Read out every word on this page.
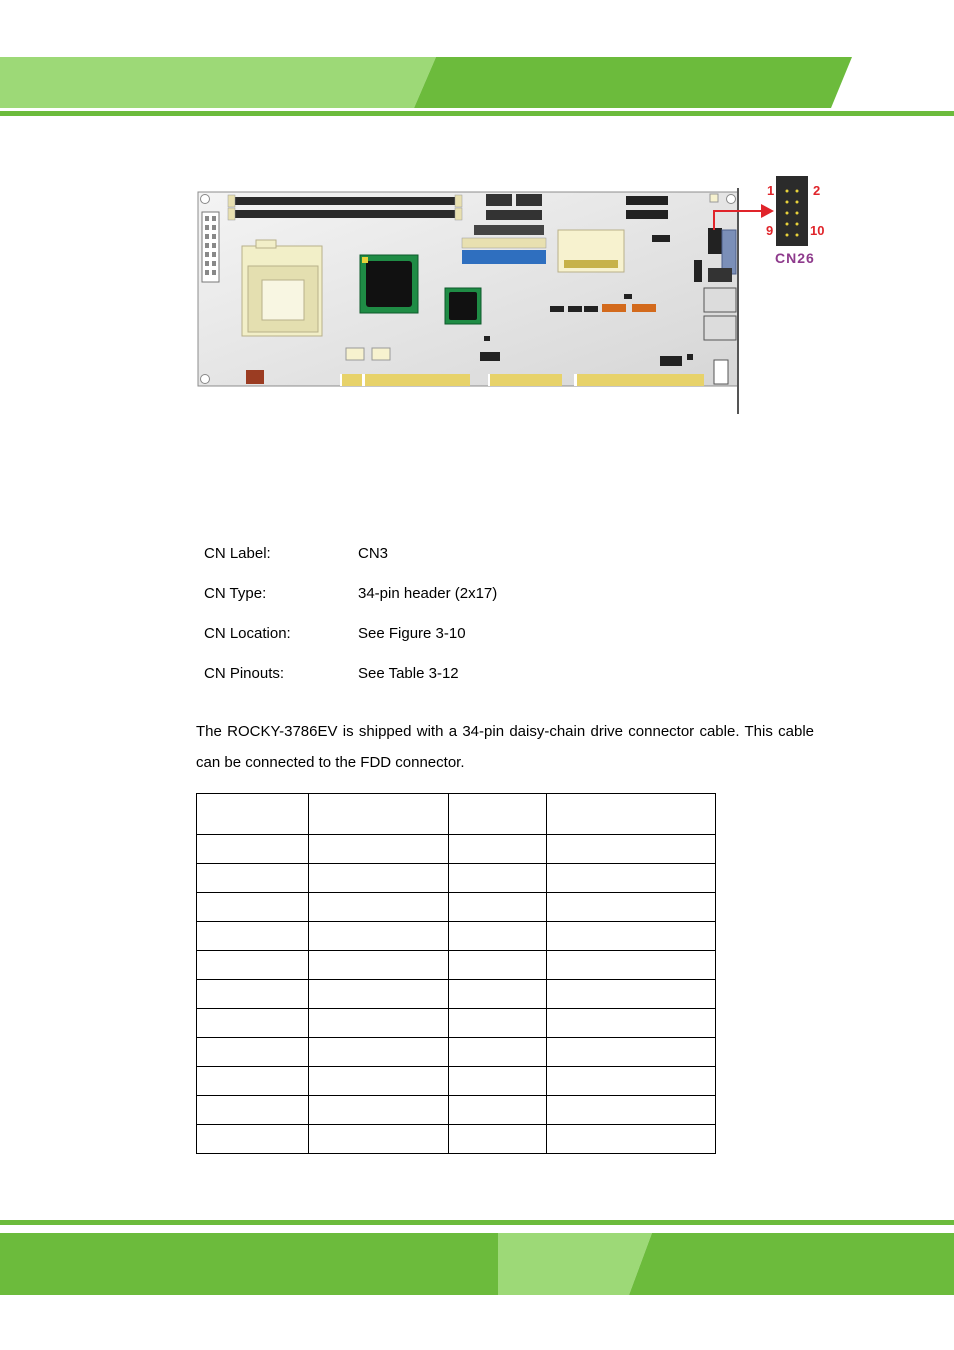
1	2
9	10
CN26
CN Label:	CN3
CN Type:	34-pin header (2x17)
CN Location:	See Figure 3-10
CN Pinouts:	See Table 3-12
The ROCKY-3786EV is shipped with a 34-pin daisy-chain drive connector cable. This cable can be connected to the FDD connector.
